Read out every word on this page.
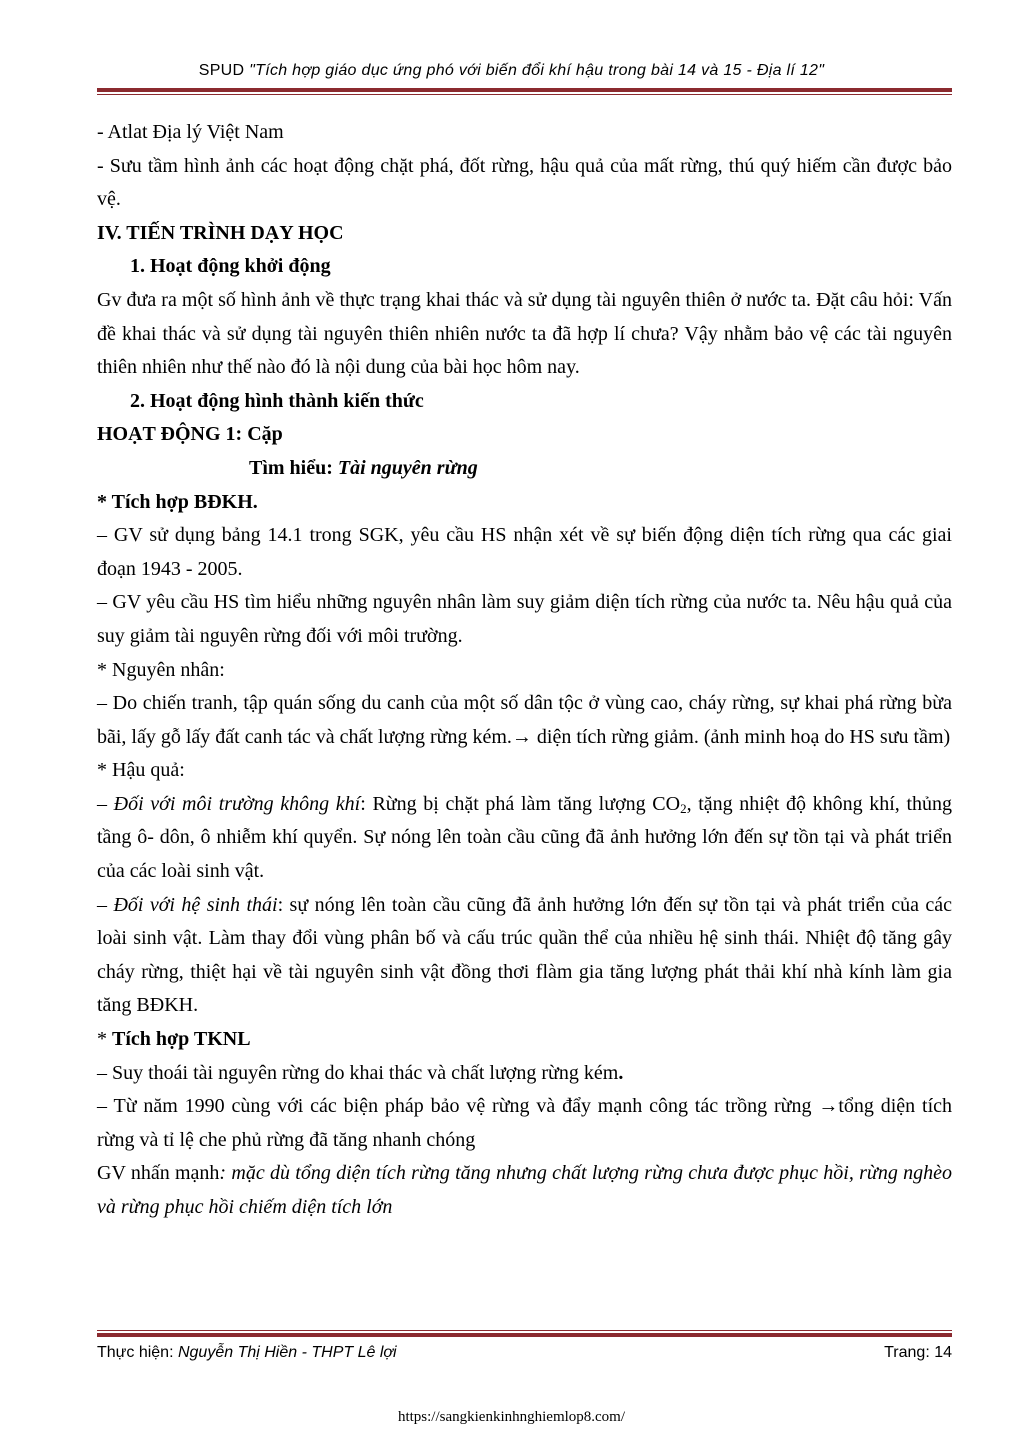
SPUD "Tích hợp giáo dục ứng phó với biến đổi khí hậu trong bài 14 và 15 - Địa lí 12"

- Atlat Địa lý Việt Nam

- Sưu tầm hình ảnh các hoạt động chặt phá, đốt rừng, hậu quả của mất rừng, thú quý hiếm cần được bảo vệ.

IV. TIẾN TRÌNH DẠY HỌC

1. Hoạt động khởi động

Gv đưa ra một số hình ảnh về thực trạng khai thác và sử dụng tài nguyên thiên ở nước ta. Đặt câu hỏi: Vấn đề khai thác và sử dụng tài nguyên thiên nhiên nước ta đã hợp lí chưa? Vậy nhằm bảo vệ các tài nguyên thiên nhiên như thế nào đó là nội dung của bài học hôm nay.

2. Hoạt động hình thành kiến thức

HOẠT ĐỘNG 1: Cặp

Tìm hiểu: Tài nguyên rừng

* Tích hợp BĐKH.

– GV sử dụng bảng 14.1 trong SGK, yêu cầu HS nhận xét về sự biến động diện tích rừng qua các giai đoạn 1943 - 2005.

– GV yêu cầu HS tìm hiểu những nguyên nhân làm suy giảm diện tích rừng của nước ta. Nêu hậu quả của suy giảm tài nguyên rừng đối với môi trường.

* Nguyên nhân:

– Do chiến tranh, tập quán sống du canh của một số dân tộc ở vùng cao, cháy rừng, sự khai phá rừng bừa bãi, lấy gỗ lấy đất canh tác và chất lượng rừng kém.→ diện tích rừng giảm. (ảnh minh hoạ do HS sưu tầm)

* Hậu quả:

– Đối với môi trường không khí: Rừng bị chặt phá làm tăng lượng $CO_2$, tặng nhiệt độ không khí, thủng tầng ô- dôn, ô nhiễm khí quyển. Sự nóng lên toàn cầu cũng đã ảnh hưởng lớn đến sự tồn tại và phát triển của các loài sinh vật.

– Đối với hệ sinh thái: sự nóng lên toàn cầu cũng đã ảnh hưởng lớn đến sự tồn tại và phát triển của các loài sinh vật. Làm thay đổi vùng phân bố và cấu trúc quần thể của nhiều hệ sinh thái. Nhiệt độ tăng gây cháy rừng, thiệt hại về tài nguyên sinh vật đồng thơi flàm gia tăng lượng phát thải khí nhà kính làm gia tăng BĐKH.

* Tích hợp TKNL

– Suy thoái tài nguyên rừng do khai thác và chất lượng rừng kém.

– Từ năm 1990 cùng với các biện pháp bảo vệ rừng và đẩy mạnh công tác trồng rừng →tổng diện tích rừng và tỉ lệ che phủ rừng đã tăng nhanh chóng

GV nhấn mạnh: mặc dù tổng diện tích rừng tăng nhưng chất lượng rừng chưa được phục hồi, rừng nghèo và rừng phục hồi chiếm diện tích lớn

Thực hiện: Nguyễn Thị Hiền - THPT Lê lợi	Trang: 14
https://sangkienkinhnghiemlop8.com/
